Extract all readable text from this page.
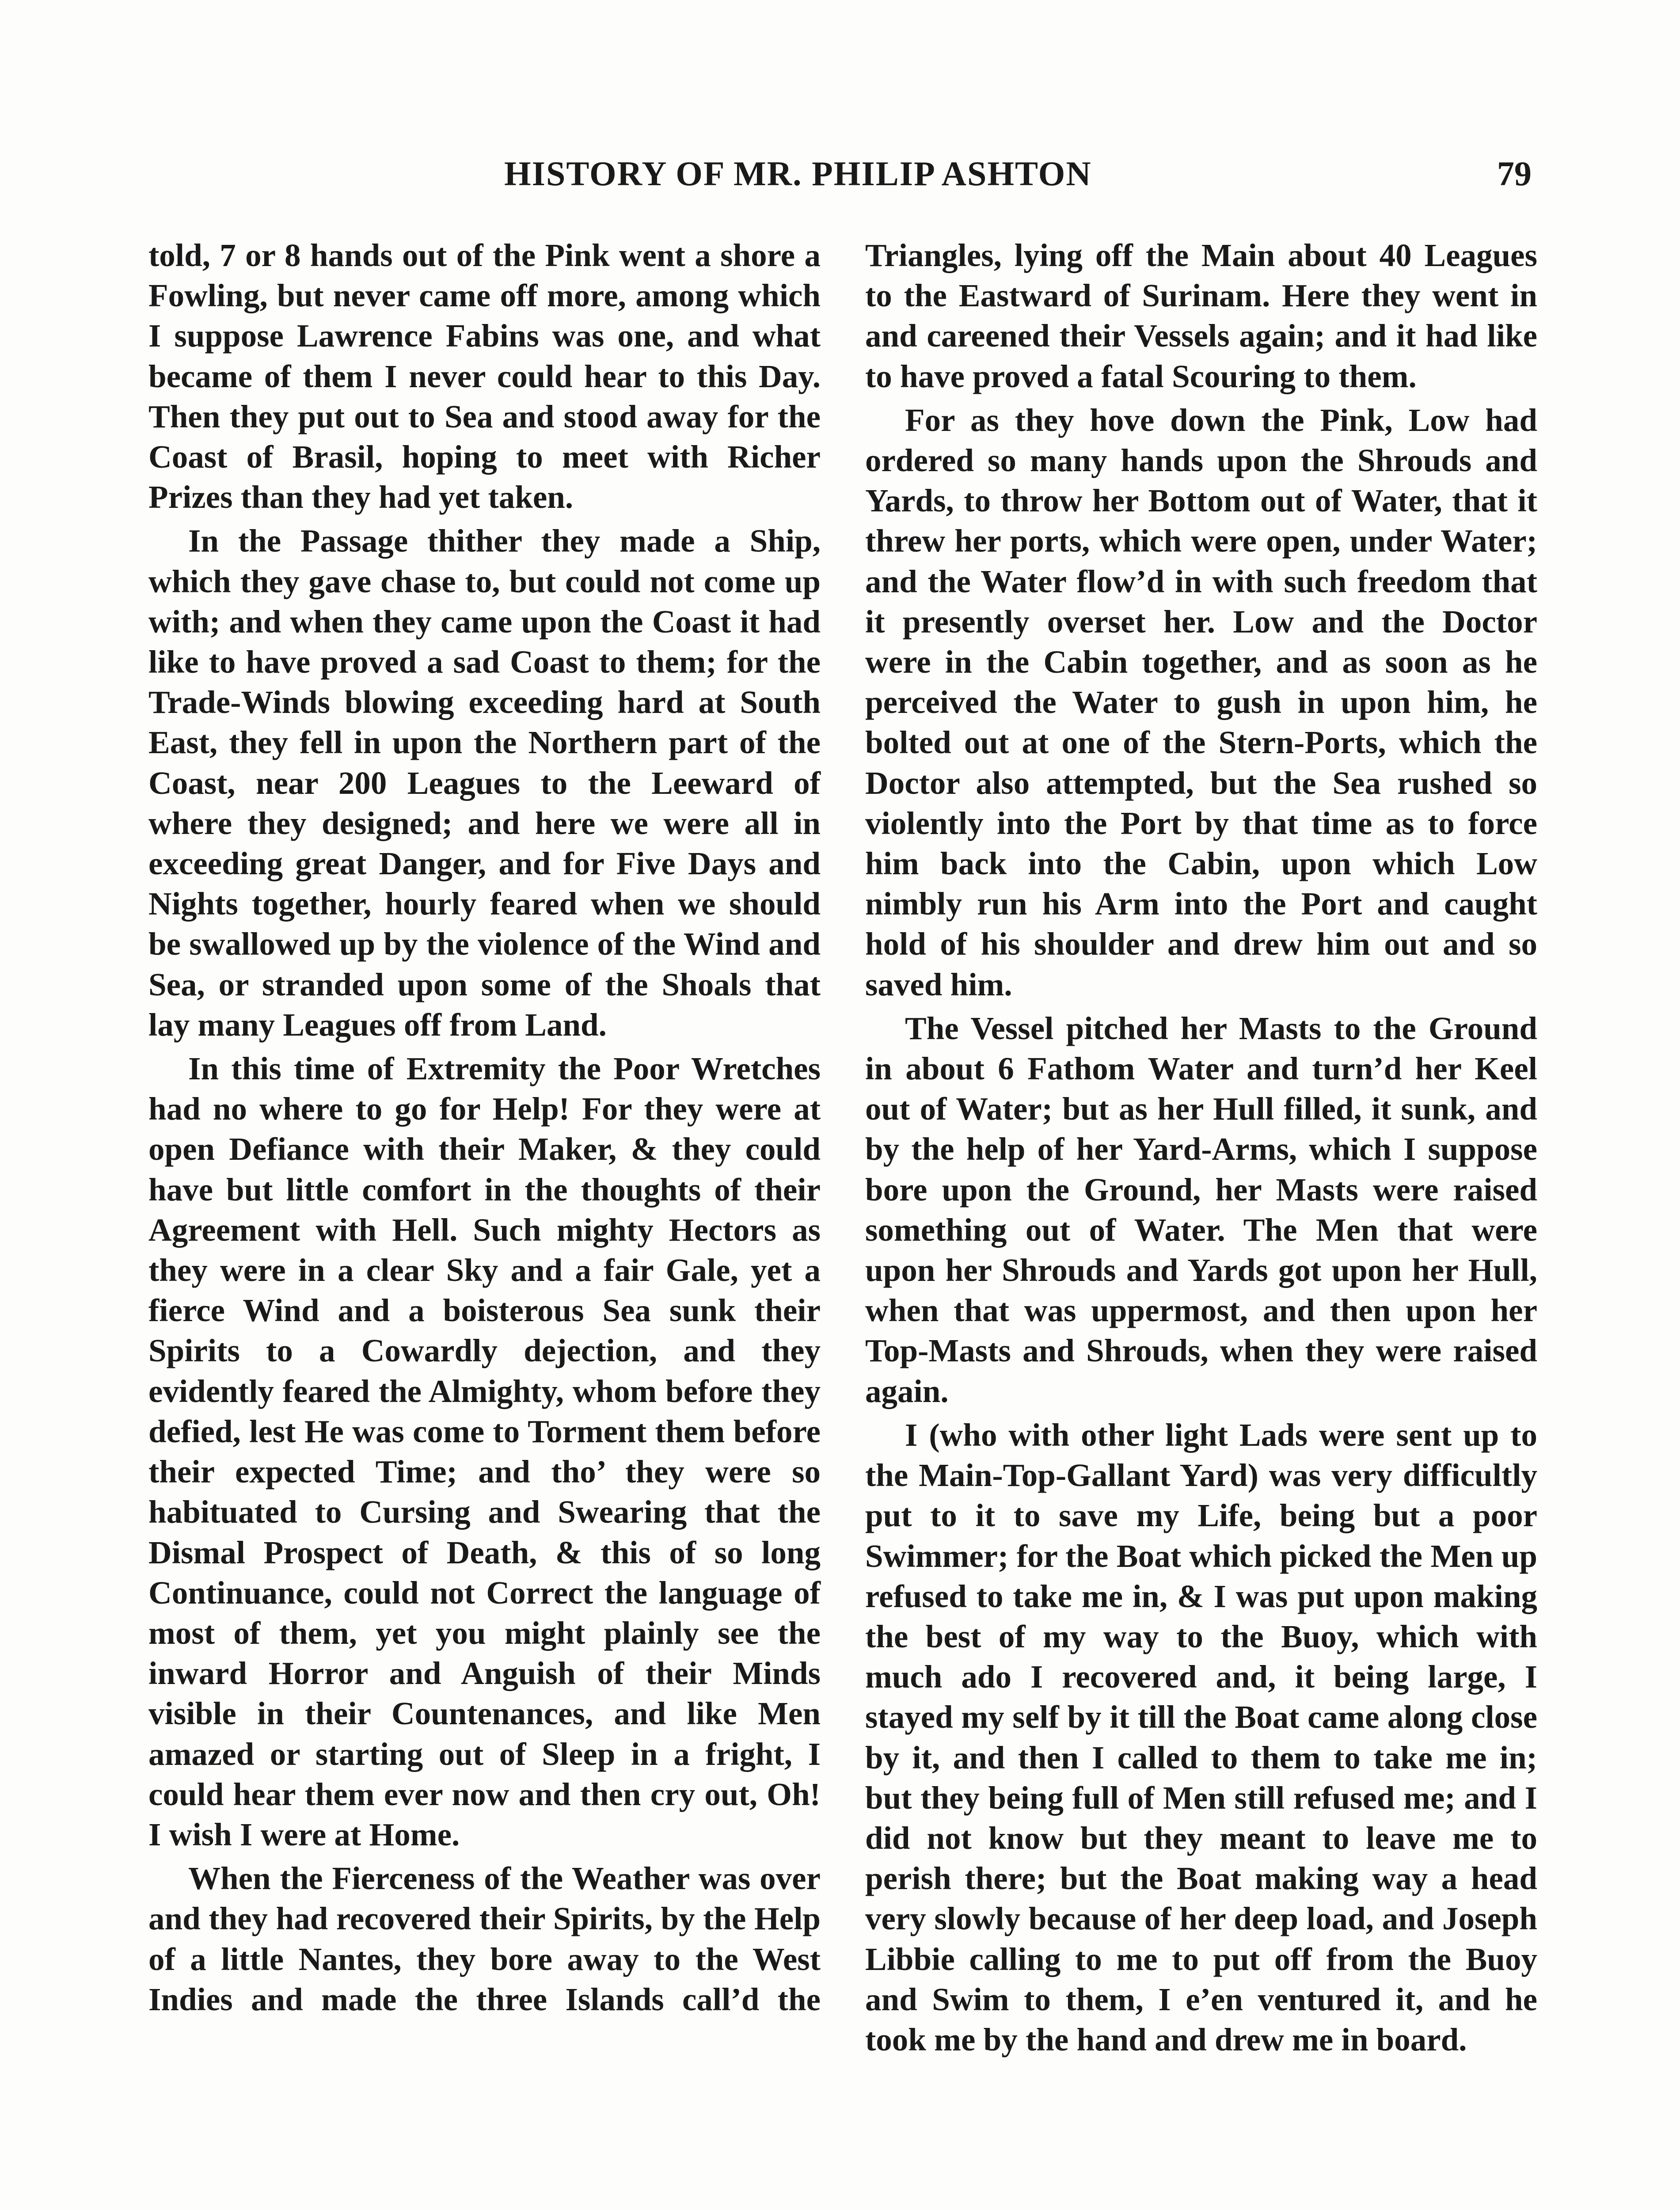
HISTORY OF MR. PHILIP ASHTON	79

told, 7 or 8 hands out of the Pink went a shore a Fowling, but never came off more, among which I suppose Lawrence Fabins was one, and what became of them I never could hear to this Day. Then they put out to Sea and stood away for the Coast of Brasil, hoping to meet with Richer Prizes than they had yet taken.

In the Passage thither they made a Ship, which they gave chase to, but could not come up with; and when they came upon the Coast it had like to have proved a sad Coast to them; for the Trade-Winds blowing exceeding hard at South East, they fell in upon the Northern part of the Coast, near 200 Leagues to the Leeward of where they designed; and here we were all in exceeding great Danger, and for Five Days and Nights together, hourly feared when we should be swallowed up by the violence of the Wind and Sea, or stranded upon some of the Shoals that lay many Leagues off from Land.

In this time of Extremity the Poor Wretches had no where to go for Help! For they were at open Defiance with their Maker, & they could have but little comfort in the thoughts of their Agreement with Hell. Such mighty Hectors as they were in a clear Sky and a fair Gale, yet a fierce Wind and a boisterous Sea sunk their Spirits to a Cowardly dejection, and they evidently feared the Almighty, whom before they defied, lest He was come to Torment them before their expected Time; and tho’ they were so habituated to Cursing and Swearing that the Dismal Prospect of Death, & this of so long Continuance, could not Correct the language of most of them, yet you might plainly see the inward Horror and Anguish of their Minds visible in their Countenances, and like Men amazed or starting out of Sleep in a fright, I could hear them ever now and then cry out, Oh! I wish I were at Home.

When the Fierceness of the Weather was over and they had recovered their Spirits, by the Help of a little Nantes, they bore away to the West Indies and made the three Islands call’d the

Triangles, lying off the Main about 40 Leagues to the Eastward of Surinam. Here they went in and careened their Vessels again; and it had like to have proved a fatal Scouring to them.

For as they hove down the Pink, Low had ordered so many hands upon the Shrouds and Yards, to throw her Bottom out of Water, that it threw her ports, which were open, under Water; and the Water flow’d in with such freedom that it presently overset her. Low and the Doctor were in the Cabin together, and as soon as he perceived the Water to gush in upon him, he bolted out at one of the Stern-Ports, which the Doctor also attempted, but the Sea rushed so violently into the Port by that time as to force him back into the Cabin, upon which Low nimbly run his Arm into the Port and caught hold of his shoulder and drew him out and so saved him.

The Vessel pitched her Masts to the Ground in about 6 Fathom Water and turn’d her Keel out of Water; but as her Hull filled, it sunk, and by the help of her Yard-Arms, which I suppose bore upon the Ground, her Masts were raised something out of Water. The Men that were upon her Shrouds and Yards got upon her Hull, when that was uppermost, and then upon her Top-Masts and Shrouds, when they were raised again.

I (who with other light Lads were sent up to the Main-Top-Gallant Yard) was very difficultly put to it to save my Life, being but a poor Swimmer; for the Boat which picked the Men up refused to take me in, & I was put upon making the best of my way to the Buoy, which with much ado I recovered and, it being large, I stayed my self by it till the Boat came along close by it, and then I called to them to take me in; but they being full of Men still refused me; and I did not know but they meant to leave me to perish there; but the Boat making way a head very slowly because of her deep load, and Joseph Libbie calling to me to put off from the Buoy and Swim to them, I e’en ventured it, and he took me by the hand and drew me in board.
